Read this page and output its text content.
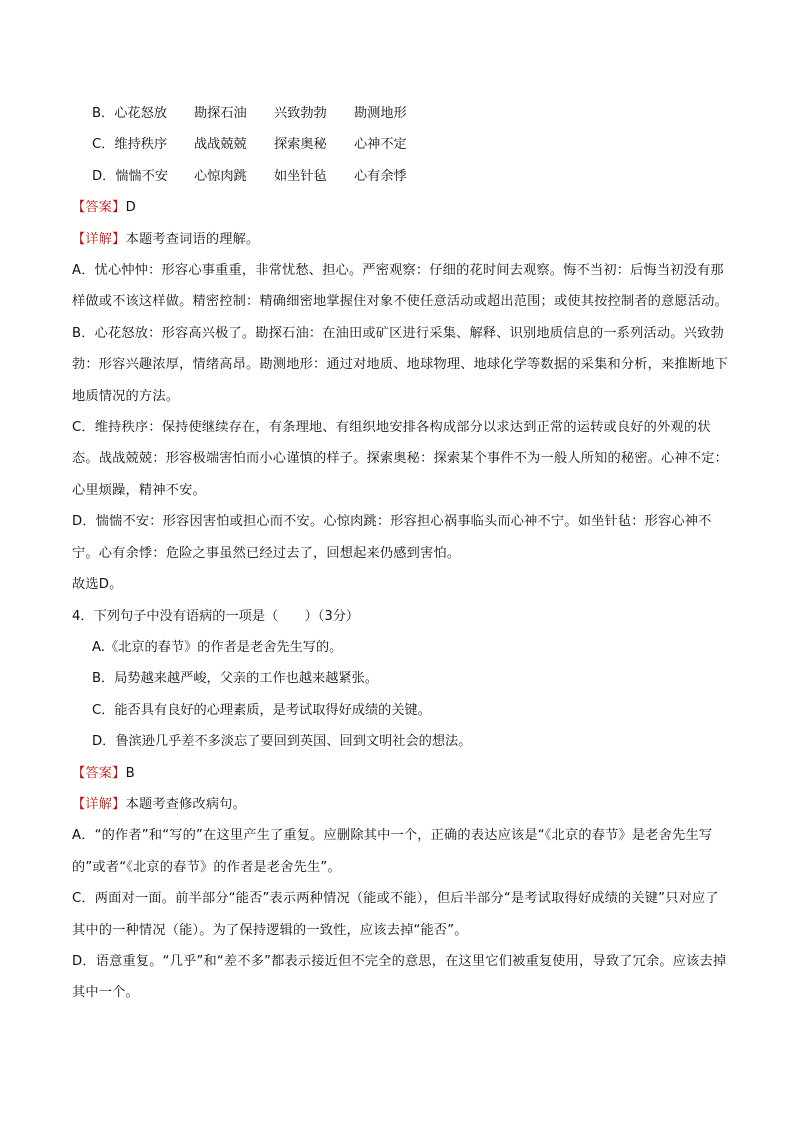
B．心花怒放 勘探石油 兴致勃勃 勘测地形
C．维持秩序 战战兢兢 探索奥秘 心神不定
D．惴惴不安 心惊肉跳 如坐针毡 心有余悸

【答案】D

【详解】本题考查词语的理解。

A．忧心忡忡：形容心事重重，非常忧愁、担心。严密观察：仔细的花时间去观察。悔不当初：后悔当初没有那样做或不该这样做。精密控制：精确细密地掌握住对象不使任意活动或超出范围；或使其按控制者的意愿活动。

B．心花怒放：形容高兴极了。勘探石油：在油田或矿区进行采集、解释、识别地质信息的一系列活动。兴致勃勃：形容兴趣浓厚，情绪高昂。勘测地形：通过对地质、地球物理、地球化学等数据的采集和分析，来推断地下地质情况的方法。

C．维持秩序：保持使继续存在，有条理地、有组织地安排各构成部分以求达到正常的运转或良好的外观的状态。战战兢兢：形容极端害怕而小心谨慎的样子。探索奥秘：探索某个事件不为一般人所知的秘密。心神不定：心里烦躁，精神不安。

D．惴惴不安：形容因害怕或担心而不安。心惊肉跳：形容担心祸事临头而心神不宁。如坐针毡：形容心神不宁。心有余悸：危险之事虽然已经过去了，回想起来仍感到害怕。

故选D。

4．下列句子中没有语病的一项是（　　）（3分）

A.《北京的春节》的作者是老舍先生写的。

B．局势越来越严峻，父亲的工作也越来越紧张。

C．能否具有良好的心理素质，是考试取得好成绩的关键。

D．鲁滨逊几乎差不多淡忘了要回到英国、回到文明社会的想法。

【答案】B

【详解】本题考查修改病句。

A．“的作者”和“写的”在这里产生了重复。应删除其中一个，正确的表达应该是“《北京的春节》是老舍先生写的”或者“《北京的春节》的作者是老舍先生”。

C．两面对一面。前半部分“能否”表示两种情况（能或不能），但后半部分“是考试取得好成绩的关键”只对应了其中的一种情况（能）。为了保持逻辑的一致性，应该去掉“能否”。

D．语意重复。“几乎”和“差不多”都表示接近但不完全的意思，在这里它们被重复使用，导致了冗余。应该去掉其中一个。
